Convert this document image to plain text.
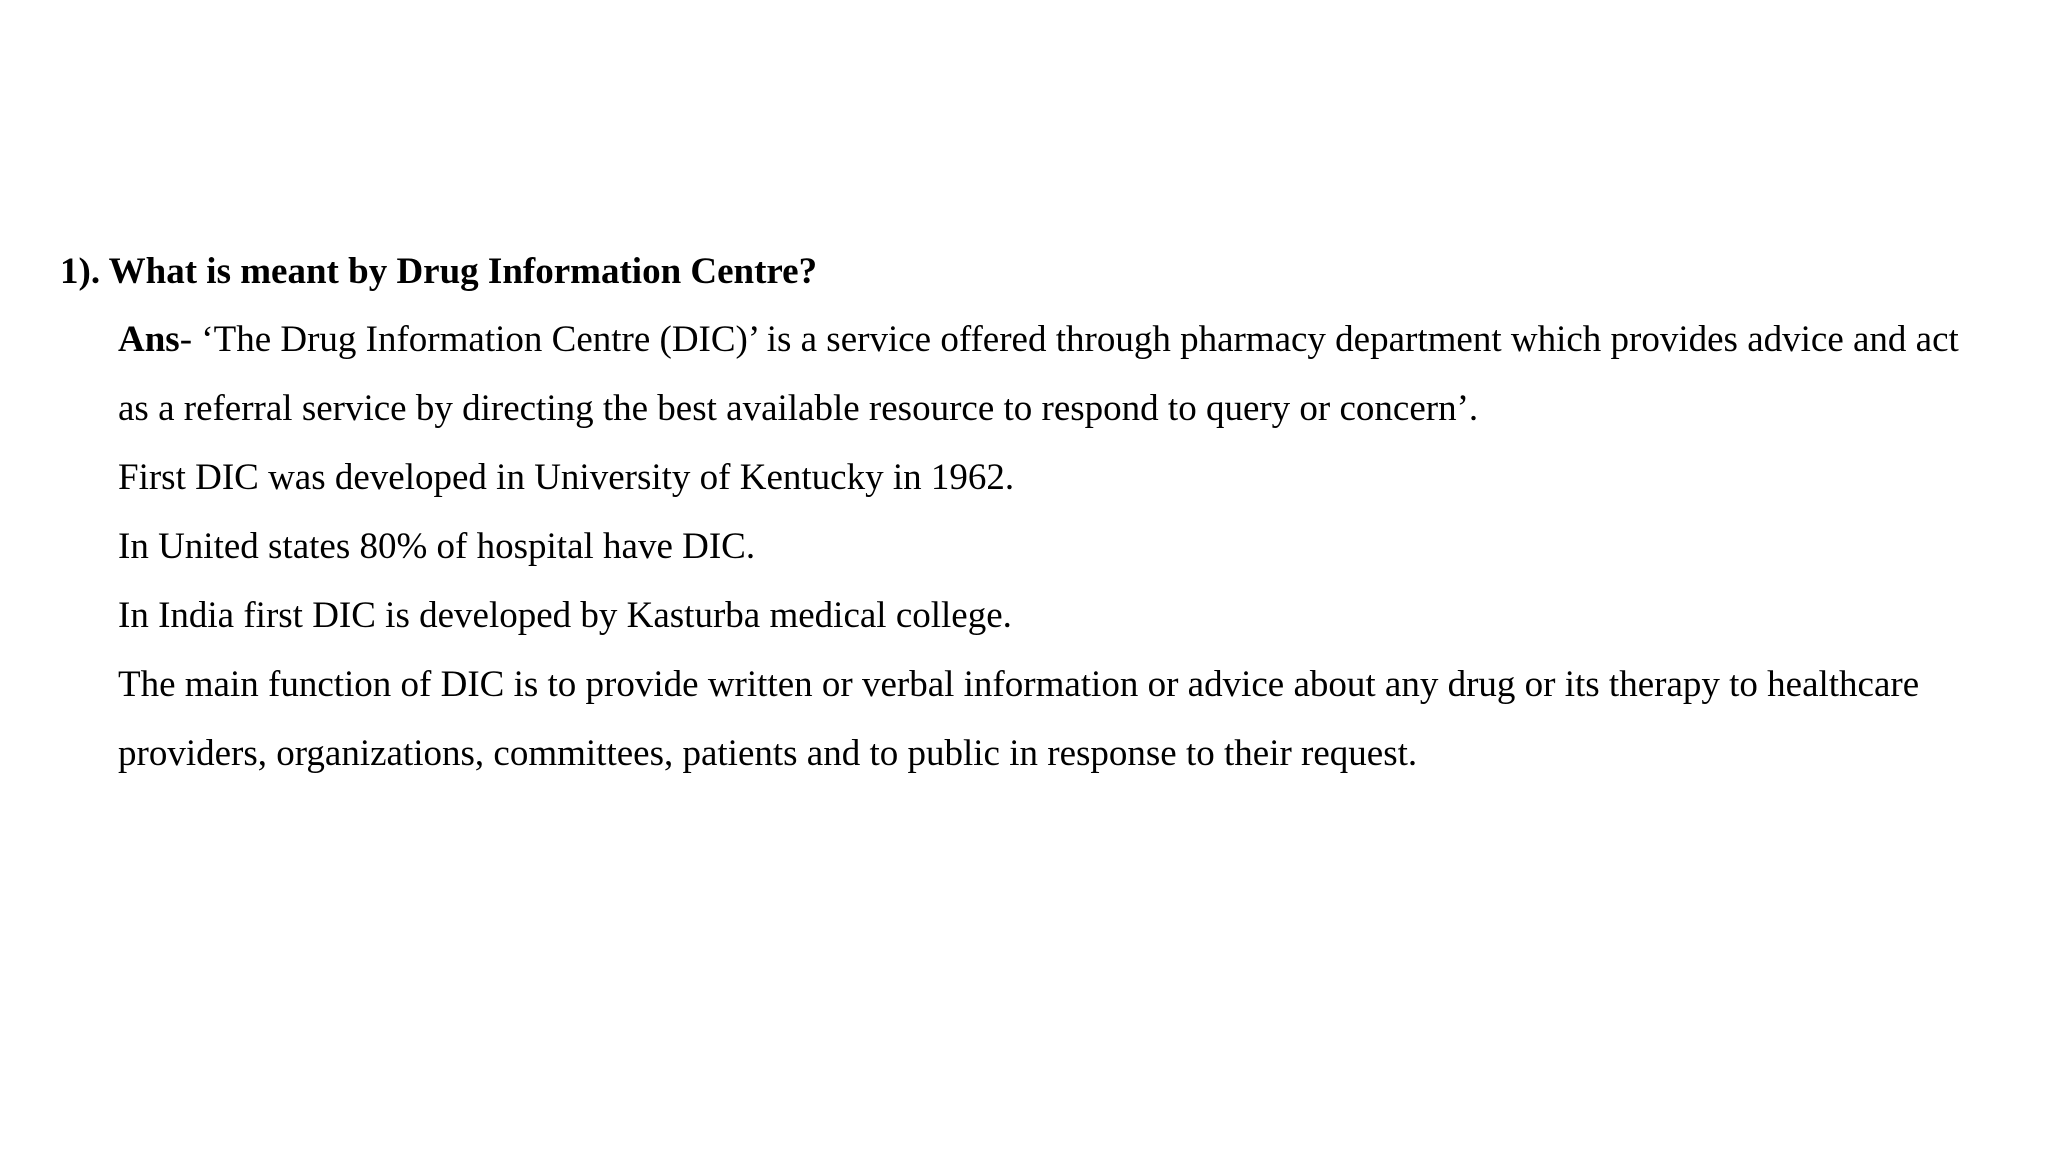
1). What is meant by Drug Information Centre?
Ans- ‘The Drug Information Centre (DIC)’ is a service offered through pharmacy department which provides advice and act
as a referral service by directing the best available resource to respond to query or concern’.
First DIC was developed in University of Kentucky in 1962.
In United states 80% of hospital have DIC.
In India first DIC is developed by Kasturba medical college.
The main function of DIC is to provide written or verbal information or advice about any drug or its therapy to healthcare
providers, organizations, committees, patients and to public in response to their request.
